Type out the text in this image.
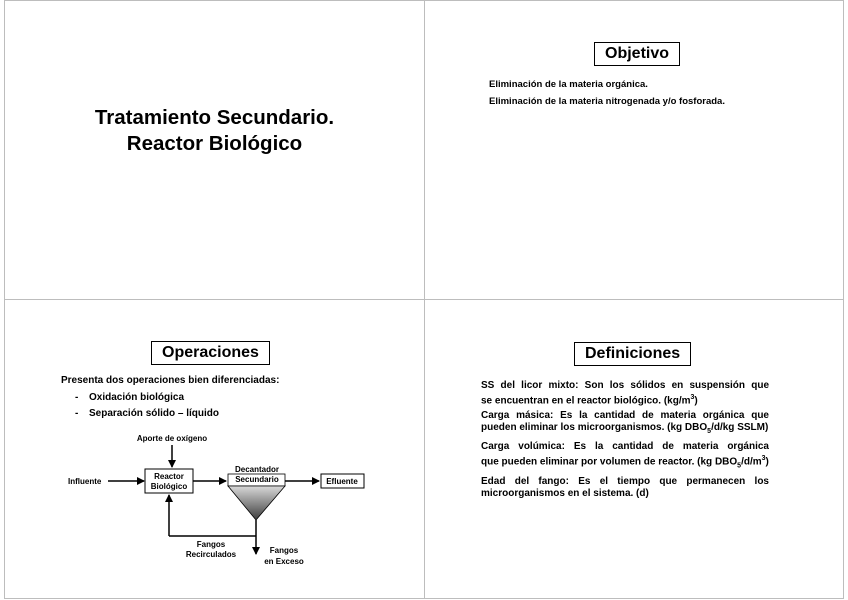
Tratamiento Secundario.
Reactor Biológico
Objetivo
Eliminación de la materia orgánica.
Eliminación de la materia nitrogenada y/o fosforada.
Operaciones
Presenta dos operaciones bien diferenciadas:
- Oxidación biológica
- Separación sólido – líquido
Aporte de oxígeno
Influente
Reactor
Biológico
Decantador
Secundario	Efluente
Fangos
Recirculados	Fangos
en Exceso
Definiciones
SS del licor mixto: Son los sólidos en suspensión que
se encuentran en el reactor biológico. $(kg/m^3)$
Carga másica: Es la cantidad de materia orgánica que
pueden eliminar los microorganismos. (kg $DBO_5/d/kg$ SSLM)
Carga volúmica: Es la cantidad de materia orgánica
que pueden eliminar por volumen de reactor. (kg $DBO_5/d/m^3$)
Edad del fango: Es el tiempo que permanecen los
microorganismos en el sistema. (d)
